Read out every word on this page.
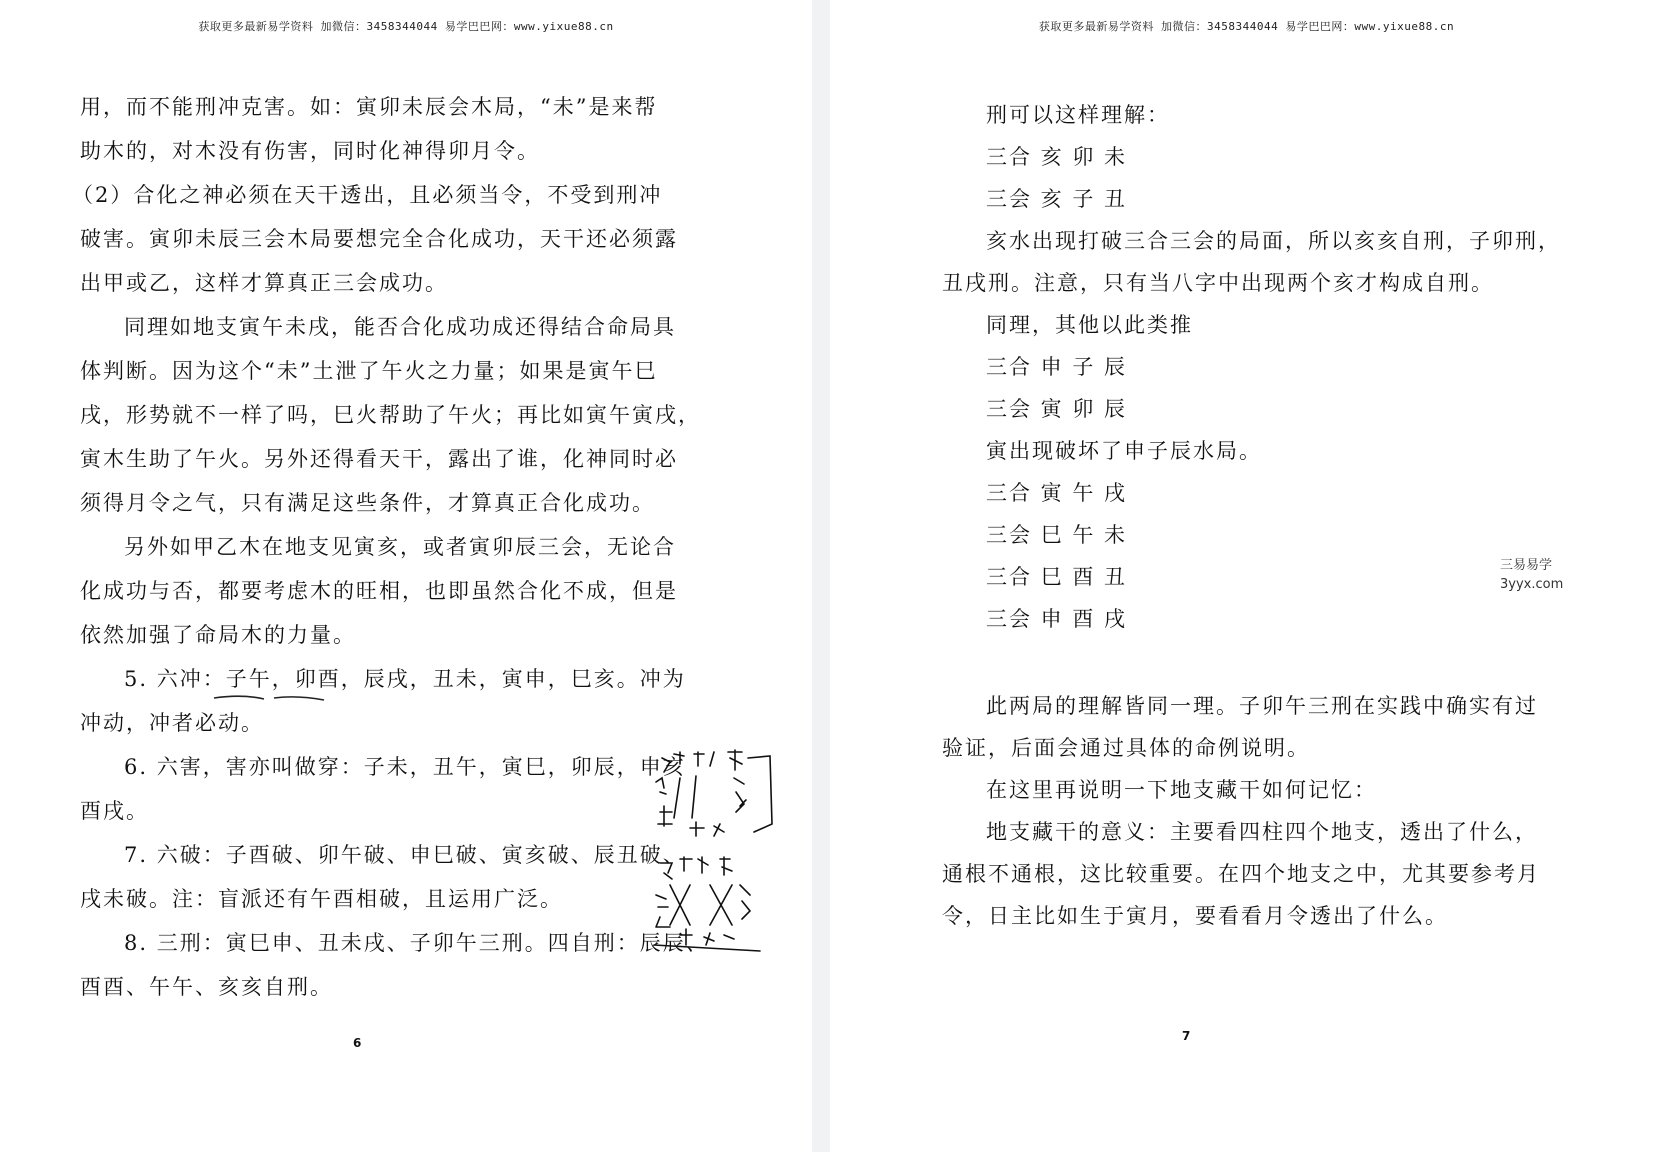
获取更多最新易学资料 加微信：3458344044 易学巴巴网：www.yixue88.cn

用，而不能刑冲克害。如：寅卯未辰会木局，“未”是来帮

助木的，对木没有伤害，同时化神得卯月令。

（2）合化之神必须在天干透出，且必须当令，不受到刑冲

破害。寅卯未辰三会木局要想完全合化成功，天干还必须露

出甲或乙，这样才算真正三会成功。

同理如地支寅午未戌，能否合化成功成还得结合命局具

体判断。因为这个“未”土泄了午火之力量；如果是寅午巳

戌，形势就不一样了吗，巳火帮助了午火；再比如寅午寅戌，

寅木生助了午火。另外还得看天干，露出了谁，化神同时必

须得月令之气，只有满足这些条件，才算真正合化成功。

另外如甲乙木在地支见寅亥，或者寅卯辰三会，无论合

化成功与否，都要考虑木的旺相，也即虽然合化不成，但是

依然加强了命局木的力量。

5. 六冲：子午，卯酉，辰戌，丑未，寅申，巳亥。冲为

冲动，冲者必动。

6. 六害，害亦叫做穿：子未，丑午，寅巳，卯辰，申亥

酉戌。

7. 六破：子酉破、卯午破、申巳破、寅亥破、辰丑破、

戌未破。注：盲派还有午酉相破，且运用广泛。

8. 三刑：寅巳申、丑未戌、子卯午三刑。四自刑：辰辰、

酉酉、午午、亥亥自刑。

6
获取更多最新易学资料 加微信：3458344044 易学巴巴网：www.yixue88.cn

刑可以这样理解：

三合 亥 卯 未

三会 亥 子 丑

亥水出现打破三合三会的局面，所以亥亥自刑，子卯刑，

丑戌刑。注意，只有当八字中出现两个亥才构成自刑。

同理，其他以此类推

三合 申 子 辰

三会 寅 卯 辰

寅出现破坏了申子辰水局。

三合 寅 午 戌

三会 巳 午 未

三合 巳 酉 丑

三会 申 酉 戌

此两局的理解皆同一理。子卯午三刑在实践中确实有过

验证，后面会通过具体的命例说明。

在这里再说明一下地支藏干如何记忆：

地支藏干的意义：主要看四柱四个地支，透出了什么，

通根不通根，这比较重要。在四个地支之中，尤其要参考月

令，日主比如生于寅月，要看看月令透出了什么。

7
三易易学
3yyx.com
